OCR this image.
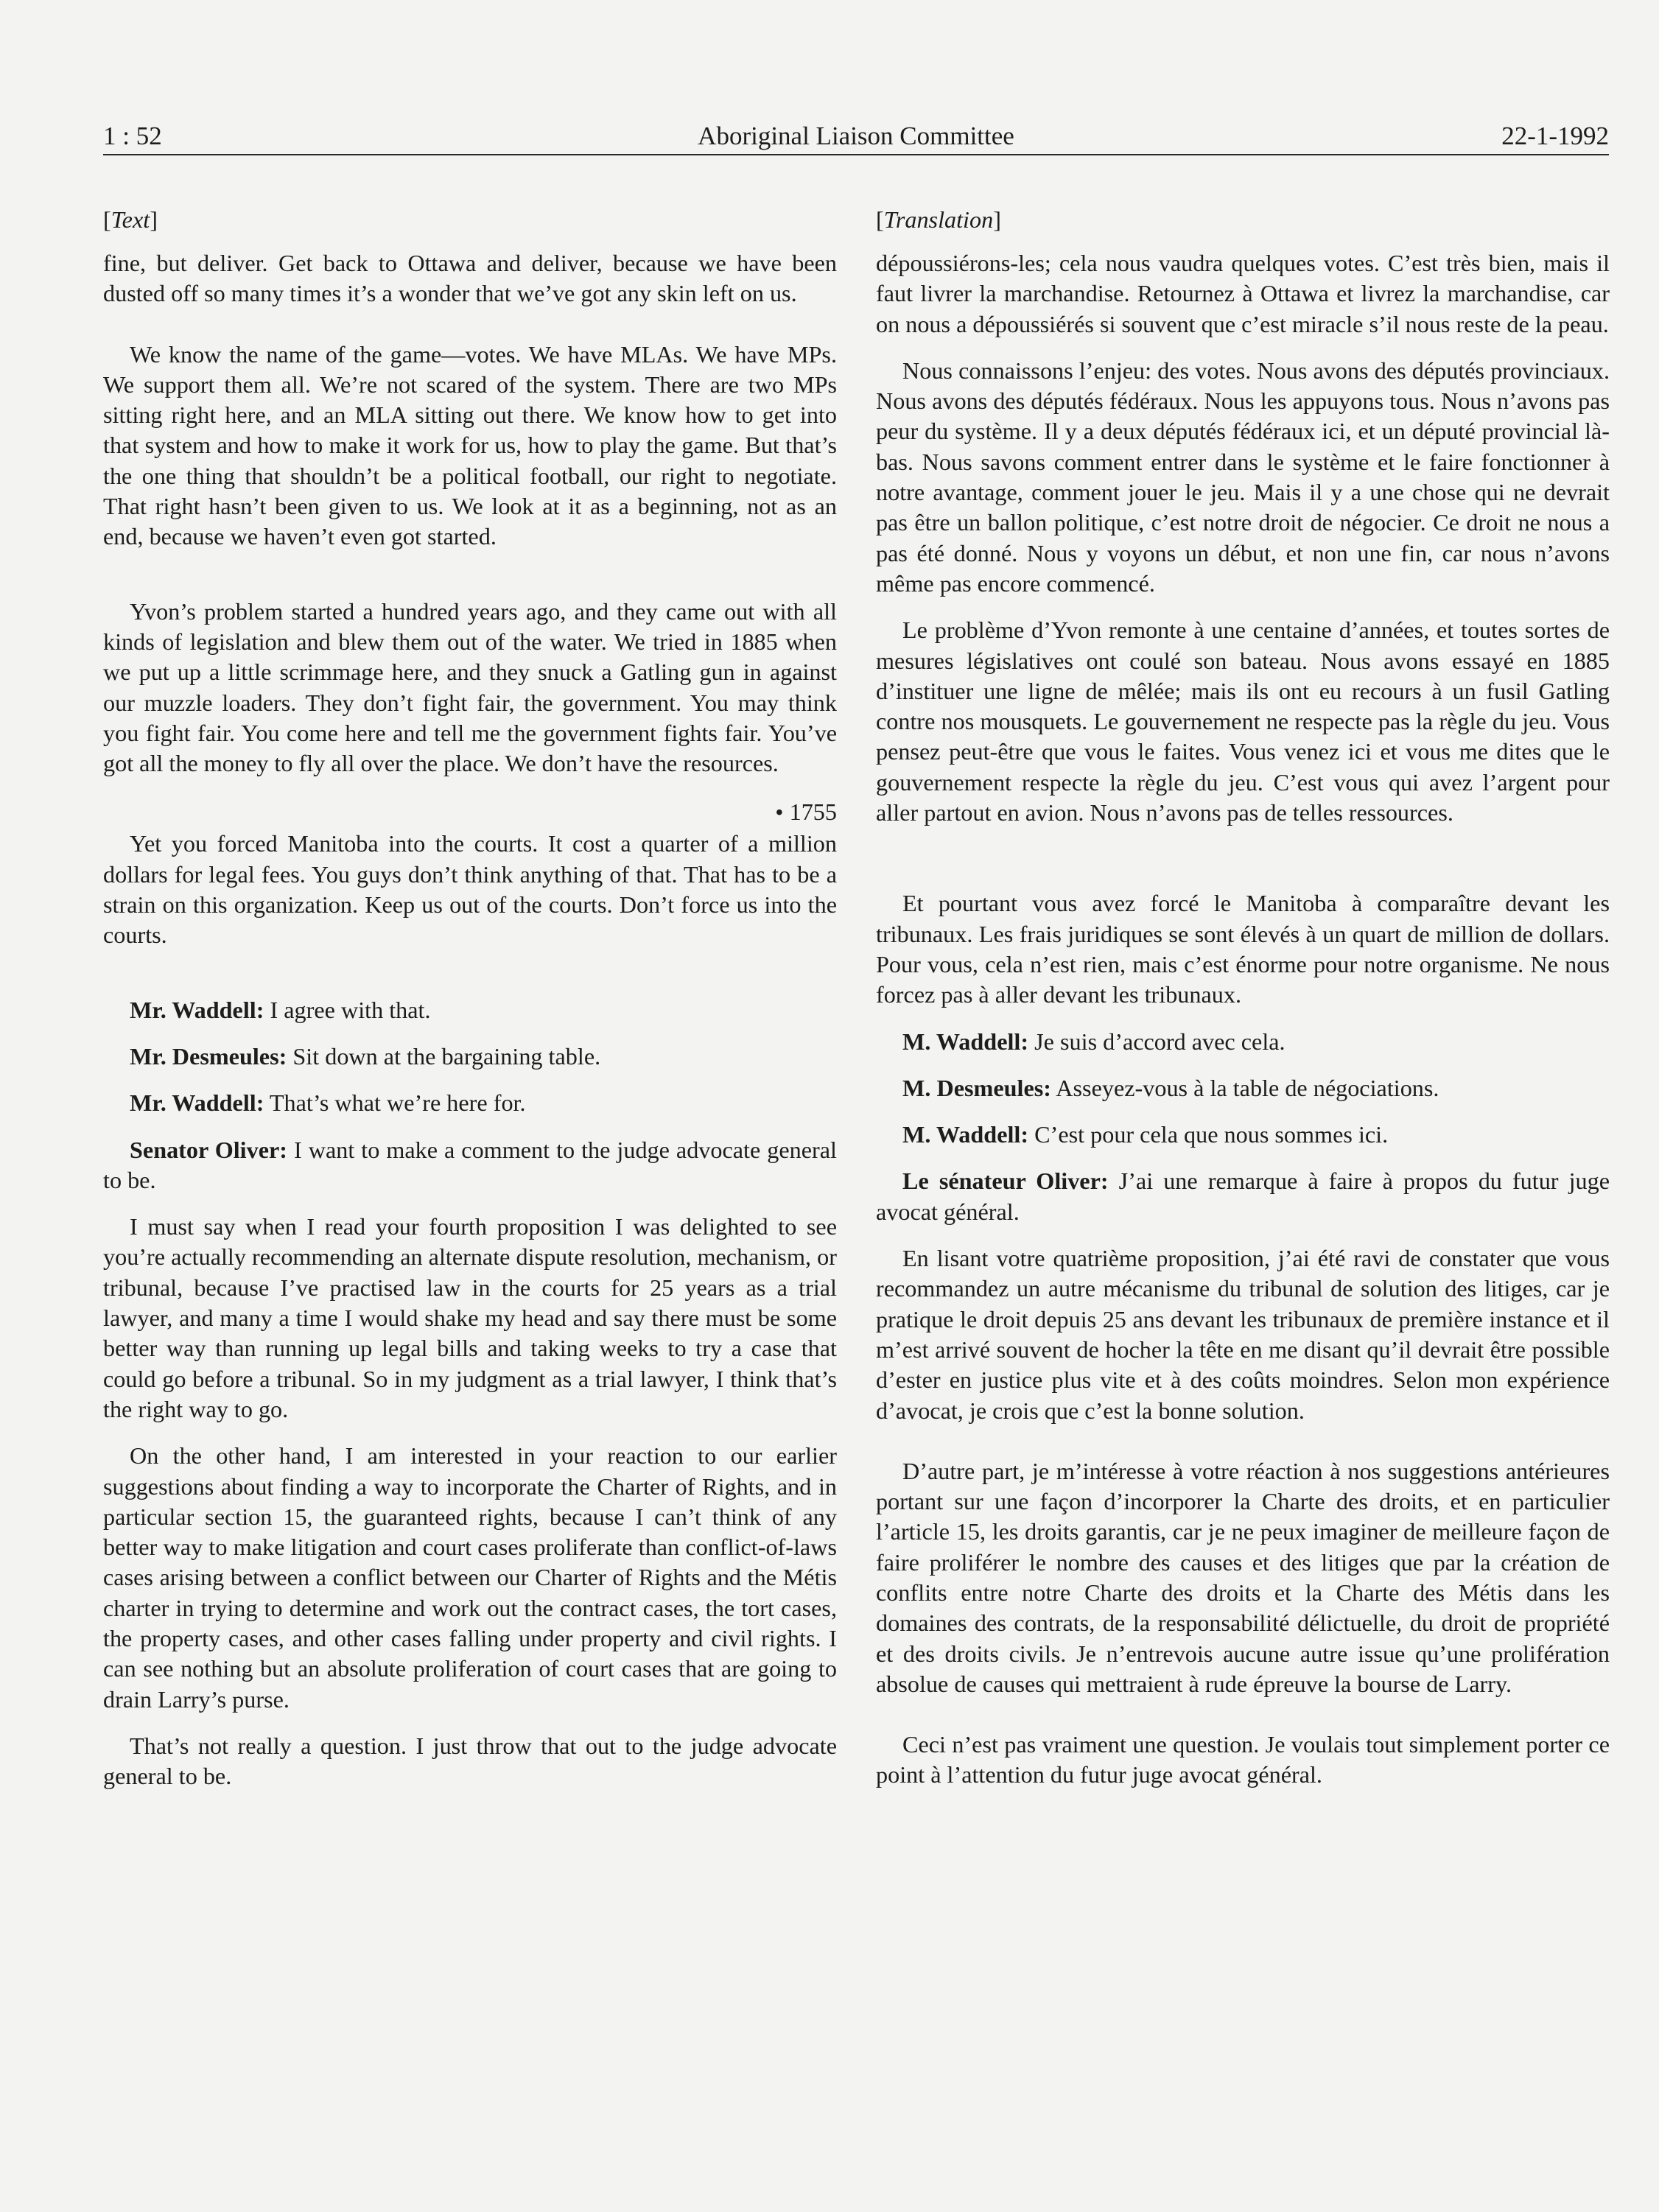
1 : 52	Aboriginal Liaison Committee	22-1-1992
[Text]

fine, but deliver. Get back to Ottawa and deliver, because we have been dusted off so many times it’s a wonder that we’ve got any skin left on us.

We know the name of the game—votes. We have MLAs. We have MPs. We support them all. We’re not scared of the system. There are two MPs sitting right here, and an MLA sitting out there. We know how to get into that system and how to make it work for us, how to play the game. But that’s the one thing that shouldn’t be a political football, our right to negotiate. That right hasn’t been given to us. We look at it as a beginning, not as an end, because we haven’t even got started.

Yvon’s problem started a hundred years ago, and they came out with all kinds of legislation and blew them out of the water. We tried in 1885 when we put up a little scrimmage here, and they snuck a Gatling gun in against our muzzle loaders. They don’t fight fair, the government. You may think you fight fair. You come here and tell me the government fights fair. You’ve got all the money to fly all over the place. We don’t have the resources.

• 1755

Yet you forced Manitoba into the courts. It cost a quarter of a million dollars for legal fees. You guys don’t think anything of that. That has to be a strain on this organization. Keep us out of the courts. Don’t force us into the courts.

Mr. Waddell: I agree with that.

Mr. Desmeules: Sit down at the bargaining table.

Mr. Waddell: That’s what we’re here for.

Senator Oliver: I want to make a comment to the judge advocate general to be.

I must say when I read your fourth proposition I was delighted to see you’re actually recommending an alternate dispute resolution, mechanism, or tribunal, because I’ve practised law in the courts for 25 years as a trial lawyer, and many a time I would shake my head and say there must be some better way than running up legal bills and taking weeks to try a case that could go before a tribunal. So in my judgment as a trial lawyer, I think that’s the right way to go.

On the other hand, I am interested in your reaction to our earlier suggestions about finding a way to incorporate the Charter of Rights, and in particular section 15, the guaranteed rights, because I can’t think of any better way to make litigation and court cases proliferate than conflict-of-laws cases arising between a conflict between our Charter of Rights and the Métis charter in trying to determine and work out the contract cases, the tort cases, the property cases, and other cases falling under property and civil rights. I can see nothing but an absolute proliferation of court cases that are going to drain Larry’s purse.

That’s not really a question. I just throw that out to the judge advocate general to be.

[Translation]

dépoussiérons-les; cela nous vaudra quelques votes. C’est très bien, mais il faut livrer la marchandise. Retournez à Ottawa et livrez la marchandise, car on nous a dépoussiérés si souvent que c’est miracle s’il nous reste de la peau.

Nous connaissons l’enjeu: des votes. Nous avons des députés provinciaux. Nous avons des députés fédéraux. Nous les appuyons tous. Nous n’avons pas peur du système. Il y a deux députés fédéraux ici, et un député provincial là-bas. Nous savons comment entrer dans le système et le faire fonctionner à notre avantage, comment jouer le jeu. Mais il y a une chose qui ne devrait pas être un ballon politique, c’est notre droit de négocier. Ce droit ne nous a pas été donné. Nous y voyons un début, et non une fin, car nous n’avons même pas encore commencé.

Le problème d’Yvon remonte à une centaine d’années, et toutes sortes de mesures législatives ont coulé son bateau. Nous avons essayé en 1885 d’instituer une ligne de mêlée; mais ils ont eu recours à un fusil Gatling contre nos mousquets. Le gouvernement ne respecte pas la règle du jeu. Vous pensez peut-être que vous le faites. Vous venez ici et vous me dites que le gouvernement respecte la règle du jeu. C’est vous qui avez l’argent pour aller partout en avion. Nous n’avons pas de telles ressources.

Et pourtant vous avez forcé le Manitoba à comparaître devant les tribunaux. Les frais juridiques se sont élevés à un quart de million de dollars. Pour vous, cela n’est rien, mais c’est énorme pour notre organisme. Ne nous forcez pas à aller devant les tribunaux.

M. Waddell: Je suis d’accord avec cela.

M. Desmeules: Asseyez-vous à la table de négociations.

M. Waddell: C’est pour cela que nous sommes ici.

Le sénateur Oliver: J’ai une remarque à faire à propos du futur juge avocat général.

En lisant votre quatrième proposition, j’ai été ravi de constater que vous recommandez un autre mécanisme du tribunal de solution des litiges, car je pratique le droit depuis 25 ans devant les tribunaux de première instance et il m’est arrivé souvent de hocher la tête en me disant qu’il devrait être possible d’ester en justice plus vite et à des coûts moindres. Selon mon expérience d’avocat, je crois que c’est la bonne solution.

D’autre part, je m’intéresse à votre réaction à nos suggestions antérieures portant sur une façon d’incorporer la Charte des droits, et en particulier l’article 15, les droits garantis, car je ne peux imaginer de meilleure façon de faire proliférer le nombre des causes et des litiges que par la création de conflits entre notre Charte des droits et la Charte des Métis dans les domaines des contrats, de la responsabilité délictuelle, du droit de propriété et des droits civils. Je n’entrevois aucune autre issue qu’une prolifération absolue de causes qui mettraient à rude épreuve la bourse de Larry.

Ceci n’est pas vraiment une question. Je voulais tout simplement porter ce point à l’attention du futur juge avocat général.
